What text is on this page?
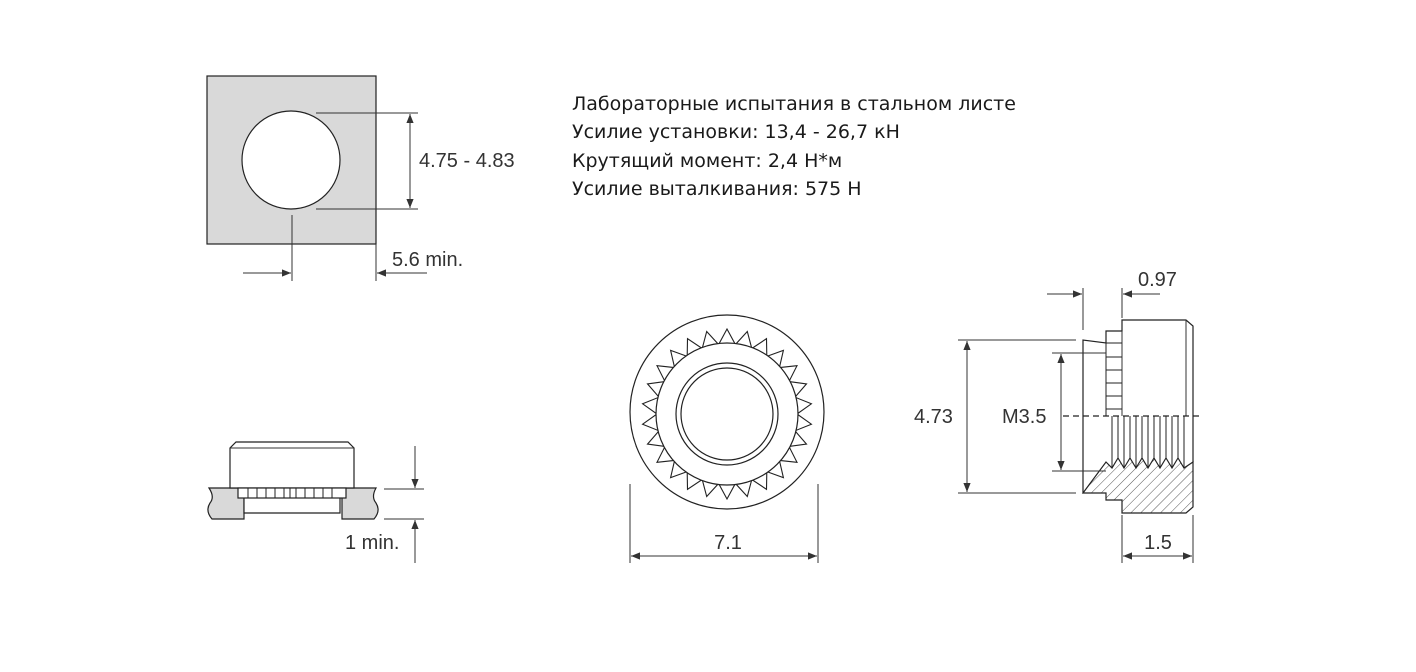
4.75 - 4.83
5.6 min.
Лабораторные испытания в стальном листе
Усилие установки: 13,4 - 26,7 кН
Крутящий момент: 2,4 Н*м
Усилие выталкивания: 575 Н
1 min.	7.1
0.97
4.73 M3.5
1.5
